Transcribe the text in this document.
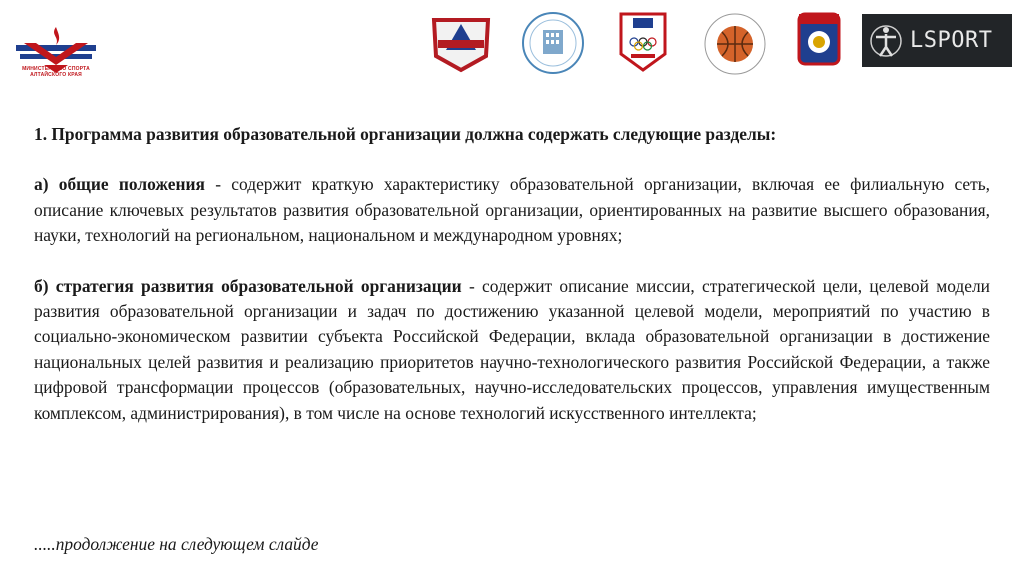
МИНИСТЕРСТВО СПОРТА
АЛТАЙСКОГО КРАЯ
LSPORT

1. Программа развития образовательной организации должна содержать следующие разделы:

а) общие положения - содержит краткую характеристику образовательной организации, включая ее филиальную сеть, описание ключевых результатов развития образовательной организации, ориентированных на развитие высшего образования, науки, технологий на региональном, национальном и международном уровнях;

б) стратегия развития образовательной организации - содержит описание миссии, стратегической цели, целевой модели развития образовательной организации и задач по достижению указанной целевой модели, мероприятий по участию в социально-экономическом развитии субъекта Российской Федерации, вклада образовательной организации в достижение национальных целей развития и реализацию приоритетов научно-технологического развития Российской Федерации, а также цифровой трансформации процессов (образовательных, научно-исследовательских процессов, управления имущественным комплексом, администрирования), в том числе на основе технологий искусственного интеллекта;

.....продолжение на следующем слайде
